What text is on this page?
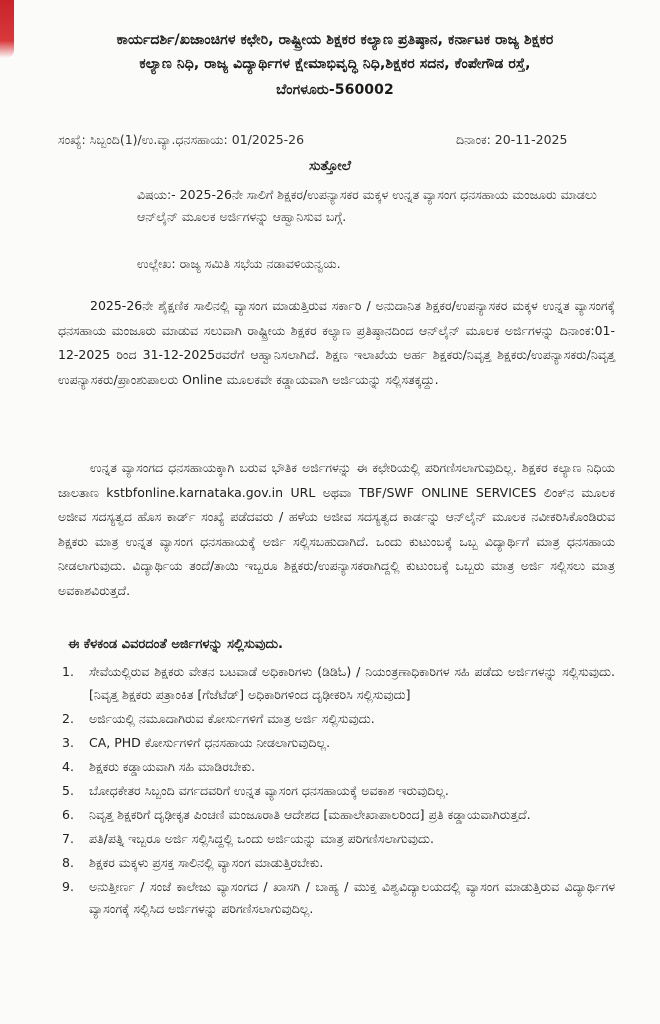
ಕಾರ್ಯದರ್ಶಿ/ಖಜಾಂಚಿಗಳ ಕಛೇರಿ, ರಾಷ್ಟ್ರೀಯ ಶಿಕ್ಷಕರ ಕಲ್ಯಾಣ ಪ್ರತಿಷ್ಠಾನ, ಕರ್ನಾಟಕ ರಾಜ್ಯ ಶಿಕ್ಷಕರ
ಕಲ್ಯಾಣ ನಿಧಿ, ರಾಜ್ಯ ವಿದ್ಯಾರ್ಥಿಗಳ ಕ್ಷೇಮಾಭಿವೃದ್ಧಿ ನಿಧಿ,ಶಿಕ್ಷಕರ ಸದನ, ಕೆಂಪೇಗೌಡ ರಸ್ತೆ,
ಬೆಂಗಳೂರು-560002
ಸಂಖ್ಯೆ: ಸಿಬ್ಬಂದಿ(1)/ಉ.ವ್ಯಾ.ಧನಸಹಾಯ: 01/2025-26	ದಿನಾಂಕ: 20-11-2025
ಸುತ್ತೋಲೆ
ವಿಷಯ:- 2025-26ನೇ ಸಾಲಿಗೆ ಶಿಕ್ಷಕರ/ಉಪನ್ಯಾಸಕರ ಮಕ್ಕಳ ಉನ್ನತ ವ್ಯಾಸಂಗ ಧನಸಹಾಯ ಮಂಜೂರು ಮಾಡಲು ಆನ್‌ಲೈನ್ ಮೂಲಕ ಅರ್ಜಿಗಳನ್ನು ಆಹ್ವಾನಿಸುವ ಬಗ್ಗೆ.
ಉಲ್ಲೇಖ: ರಾಜ್ಯ ಸಮಿತಿ ಸಭೆಯ ನಡಾವಳಿಯನ್ವಯ.
2025-26ನೇ ಶೈಕ್ಷಣಿಕ ಸಾಲಿನಲ್ಲಿ ವ್ಯಾಸಂಗ ಮಾಡುತ್ತಿರುವ ಸರ್ಕಾರಿ / ಅನುದಾನಿತ ಶಿಕ್ಷಕರ/ಉಪನ್ಯಾಸಕರ ಮಕ್ಕಳ ಉನ್ನತ ವ್ಯಾಸಂಗಕ್ಕೆ ಧನಸಹಾಯ ಮಂಜೂರು ಮಾಡುವ ಸಲುವಾಗಿ ರಾಷ್ಟ್ರೀಯ ಶಿಕ್ಷಕರ ಕಲ್ಯಾಣ ಪ್ರತಿಷ್ಠಾನದಿಂದ ಆನ್‌ಲೈನ್ ಮೂಲಕ ಅರ್ಜಿಗಳನ್ನು ದಿನಾಂಕ:01-12-2025 ರಿಂದ 31-12-2025ರವರೆಗೆ ಆಹ್ವಾನಿಸಲಾಗಿದೆ. ಶಿಕ್ಷಣ ಇಲಾಖೆಯ ಅರ್ಹ ಶಿಕ್ಷಕರು/ನಿವೃತ್ತ ಶಿಕ್ಷಕರು/ಉಪನ್ಯಾಸಕರು/ನಿವೃತ್ತ ಉಪನ್ಯಾಸಕರು/ಪ್ರಾಂಶುಪಾಲರು Online ಮೂಲಕವೇ ಕಡ್ಡಾಯವಾಗಿ ಅರ್ಜಿಯನ್ನು ಸಲ್ಲಿಸತಕ್ಕದ್ದು.
ಉನ್ನತ ವ್ಯಾಸಂಗದ ಧನಸಹಾಯಕ್ಕಾಗಿ ಬರುವ ಭೌತಿಕ ಅರ್ಜಿಗಳನ್ನು ಈ ಕಛೇರಿಯಲ್ಲಿ ಪರಿಗಣಿಸಲಾಗುವುದಿಲ್ಲ. ಶಿಕ್ಷಕರ ಕಲ್ಯಾಣ ನಿಧಿಯ ಜಾಲತಾಣ kstbfonline.karnataka.gov.in URL ಅಥವಾ TBF/SWF ONLINE SERVICES ಲಿಂಕ್‌ನ ಮೂಲಕ ಅಜೀವ ಸದಸ್ಯತ್ವದ ಹೊಸ ಕಾರ್ಡ್ ಸಂಖ್ಯೆ ಪಡೆದವರು / ಹಳೆಯ ಅಜೀವ ಸದಸ್ಯತ್ವದ ಕಾರ್ಡನ್ನು ಆನ್‌ಲೈನ್ ಮೂಲಕ ನವೀಕರಿಸಿಕೊಂಡಿರುವ ಶಿಕ್ಷಕರು ಮಾತ್ರ ಉನ್ನತ ವ್ಯಾಸಂಗ ಧನಸಹಾಯಕ್ಕೆ ಅರ್ಜಿ ಸಲ್ಲಿಸಬಹುದಾಗಿದೆ. ಒಂದು ಕುಟುಂಬಕ್ಕೆ ಒಬ್ಬ ವಿದ್ಯಾರ್ಥಿಗೆ ಮಾತ್ರ ಧನಸಹಾಯ ನೀಡಲಾಗುವುದು. ವಿದ್ಯಾರ್ಥಿಯ ತಂದೆ/ತಾಯಿ ಇಬ್ಬರೂ ಶಿಕ್ಷಕರು/ಉಪನ್ಯಾಸಕರಾಗಿದ್ದಲ್ಲಿ ಕುಟುಂಬಕ್ಕೆ ಒಬ್ಬರು ಮಾತ್ರ ಅರ್ಜಿ ಸಲ್ಲಿಸಲು ಮಾತ್ರ ಅವಕಾಶವಿರುತ್ತದೆ.
ಈ ಕೆಳಕಂಡ ವಿವರದಂತೆ ಅರ್ಜಿಗಳನ್ನು ಸಲ್ಲಿಸುವುದು.
1.	ಸೇವೆಯಲ್ಲಿರುವ ಶಿಕ್ಷಕರು ವೇತನ ಬಟವಾಡೆ ಅಧಿಕಾರಿಗಳು (ಡಿಡಿಓ) / ನಿಯಂತ್ರಣಾಧಿಕಾರಿಗಳ ಸಹಿ ಪಡೆದು ಅರ್ಜಿಗಳನ್ನು ಸಲ್ಲಿಸುವುದು. [ನಿವೃತ್ತ ಶಿಕ್ಷಕರು ಪತ್ರಾಂಕಿತ [ಗೆಜೆಟೆಡ್] ಅಧಿಕಾರಿಗಳಿಂದ ದೃಢೀಕರಿಸಿ ಸಲ್ಲಿಸುವುದು]
2.	ಅರ್ಜಿಯಲ್ಲಿ ನಮೂದಾಗಿರುವ ಕೋರ್ಸುಗಳಿಗೆ ಮಾತ್ರ ಅರ್ಜಿ ಸಲ್ಲಿಸುವುದು.
3.	CA, PHD ಕೋರ್ಸುಗಳಿಗೆ ಧನಸಹಾಯ ನೀಡಲಾಗುವುದಿಲ್ಲ.
4.	ಶಿಕ್ಷಕರು ಕಡ್ಡಾಯವಾಗಿ ಸಹಿ ಮಾಡಿರಬೇಕು.
5.	ಬೋಧಕೇತರ ಸಿಬ್ಬಂದಿ ವರ್ಗದವರಿಗೆ ಉನ್ನತ ವ್ಯಾಸಂಗ ಧನಸಹಾಯಕ್ಕೆ ಅವಕಾಶ ಇರುವುದಿಲ್ಲ.
6.	ನಿವೃತ್ತ ಶಿಕ್ಷಕರಿಗೆ ದೃಢೀಕೃತ ಪಿಂಚಣಿ ಮಂಜೂರಾತಿ ಆದೇಶದ [ಮಹಾಲೇಖಾಪಾಲರಿಂದ] ಪ್ರತಿ ಕಡ್ಡಾಯವಾಗಿರುತ್ತದೆ.
7.	ಪತಿ/ಪತ್ನಿ ಇಬ್ಬರೂ ಅರ್ಜಿ ಸಲ್ಲಿಸಿದ್ದಲ್ಲಿ ಒಂದು ಅರ್ಜಿಯನ್ನು ಮಾತ್ರ ಪರಿಗಣಿಸಲಾಗುವುದು.
8.	ಶಿಕ್ಷಕರ ಮಕ್ಕಳು ಪ್ರಸಕ್ತ ಸಾಲಿನಲ್ಲಿ ವ್ಯಾಸಂಗ ಮಾಡುತ್ತಿರಬೇಕು.
9.	ಅನುತ್ತೀರ್ಣ / ಸಂಜೆ ಕಾಲೇಜು ವ್ಯಾಸಂಗದ / ಖಾಸಗಿ / ಬಾಹ್ಯ / ಮುಕ್ತ ವಿಶ್ವವಿದ್ಯಾಲಯದಲ್ಲಿ ವ್ಯಾಸಂಗ ಮಾಡುತ್ತಿರುವ ವಿದ್ಯಾರ್ಥಿಗಳ ವ್ಯಾಸಂಗಕ್ಕೆ ಸಲ್ಲಿಸಿದ ಅರ್ಜಿಗಳನ್ನು ಪರಿಗಣಿಸಲಾಗುವುದಿಲ್ಲ.
